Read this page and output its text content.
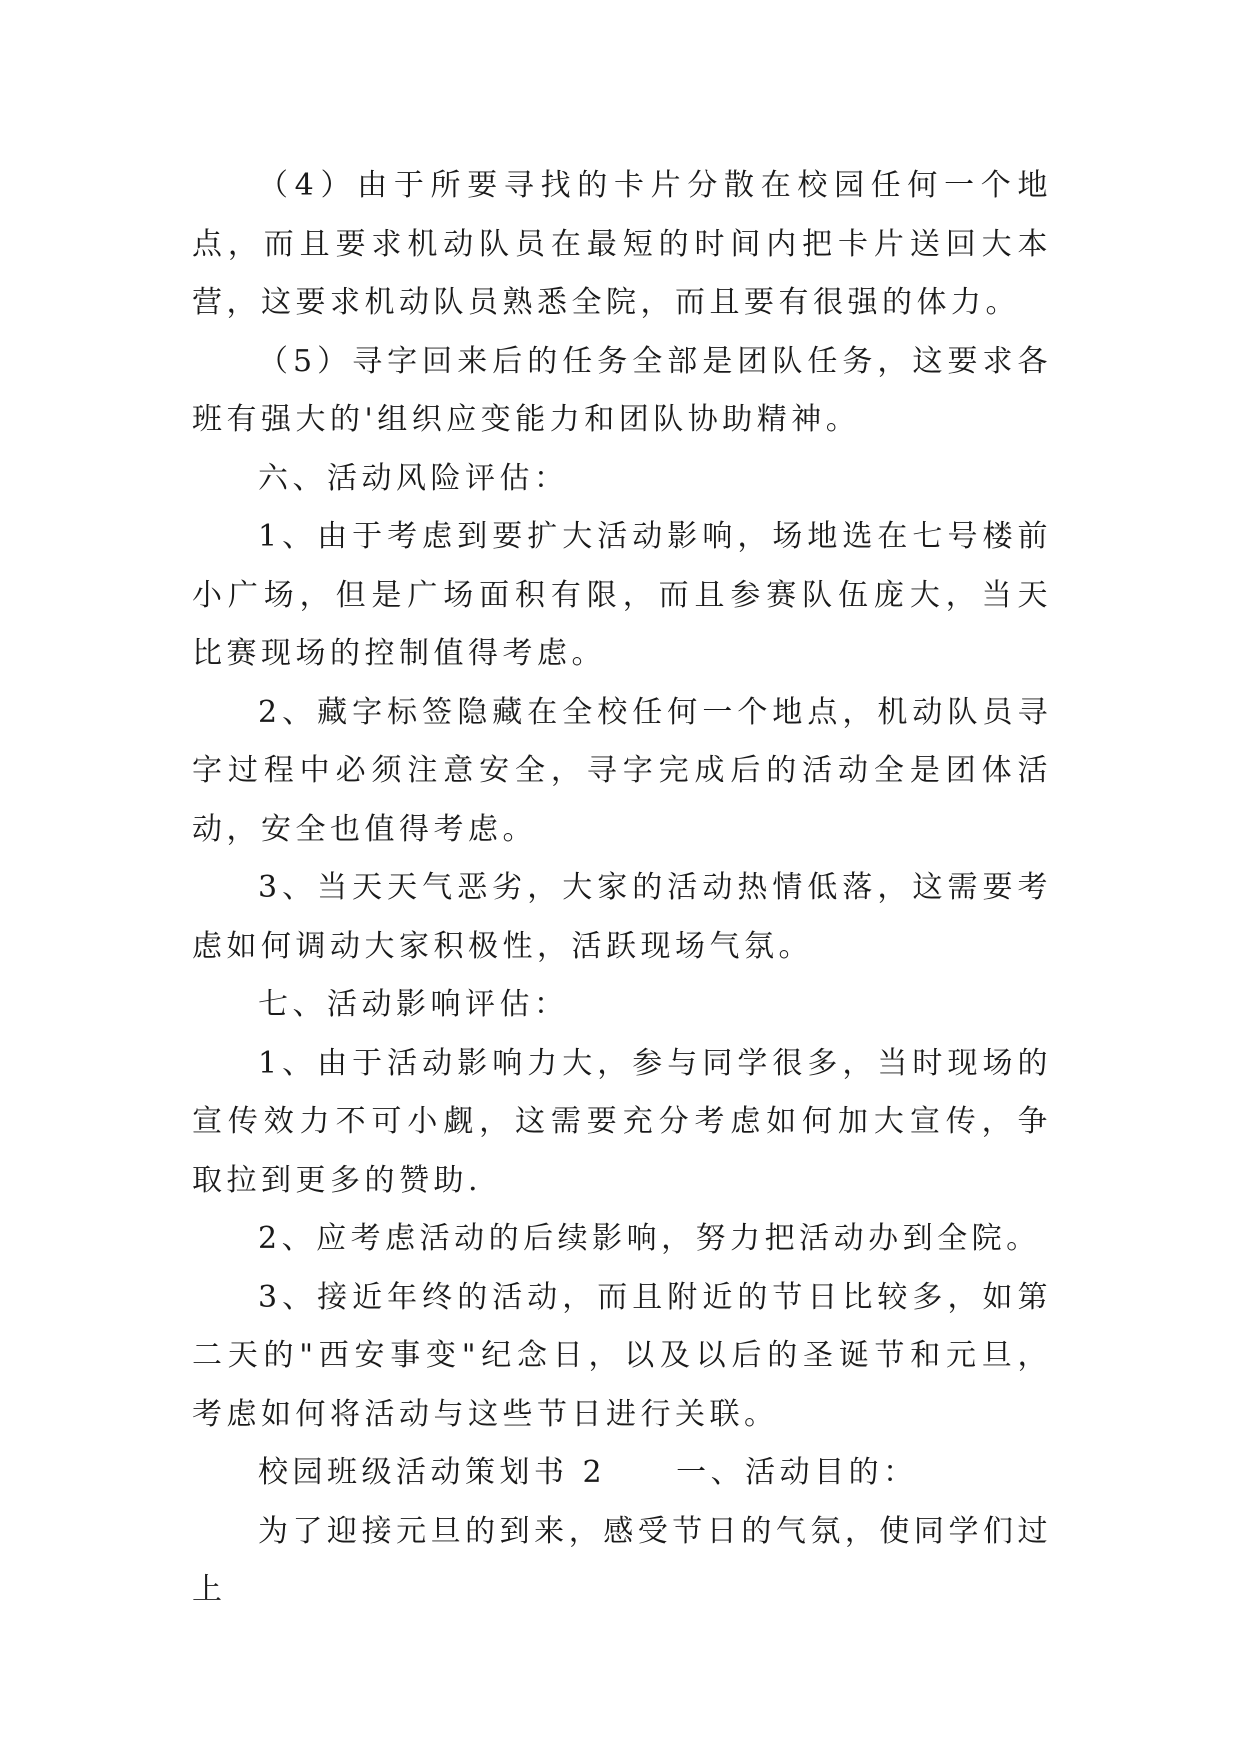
（4）由于所要寻找的卡片分散在校园任何一个地点，而且要求机动队员在最短的时间内把卡片送回大本营，这要求机动队员熟悉全院，而且要有很强的体力。

（5）寻字回来后的任务全部是团队任务，这要求各班有强大的'组织应变能力和团队协助精神。

六、活动风险评估：

1、由于考虑到要扩大活动影响，场地选在七号楼前小广场，但是广场面积有限，而且参赛队伍庞大，当天比赛现场的控制值得考虑。

2、藏字标签隐藏在全校任何一个地点，机动队员寻字过程中必须注意安全，寻字完成后的活动全是团体活动，安全也值得考虑。

3、当天天气恶劣，大家的活动热情低落，这需要考虑如何调动大家积极性，活跃现场气氛。

七、活动影响评估：

1、由于活动影响力大，参与同学很多，当时现场的宣传效力不可小觑，这需要充分考虑如何加大宣传，争取拉到更多的赞助.

2、应考虑活动的后续影响，努力把活动办到全院。

3、接近年终的活动，而且附近的节日比较多，如第二天的"西安事变"纪念日，以及以后的圣诞节和元旦，考虑如何将活动与这些节日进行关联。

校园班级活动策划书 2 一、活动目的：

为了迎接元旦的到来，感受节日的气氛，使同学们过上
